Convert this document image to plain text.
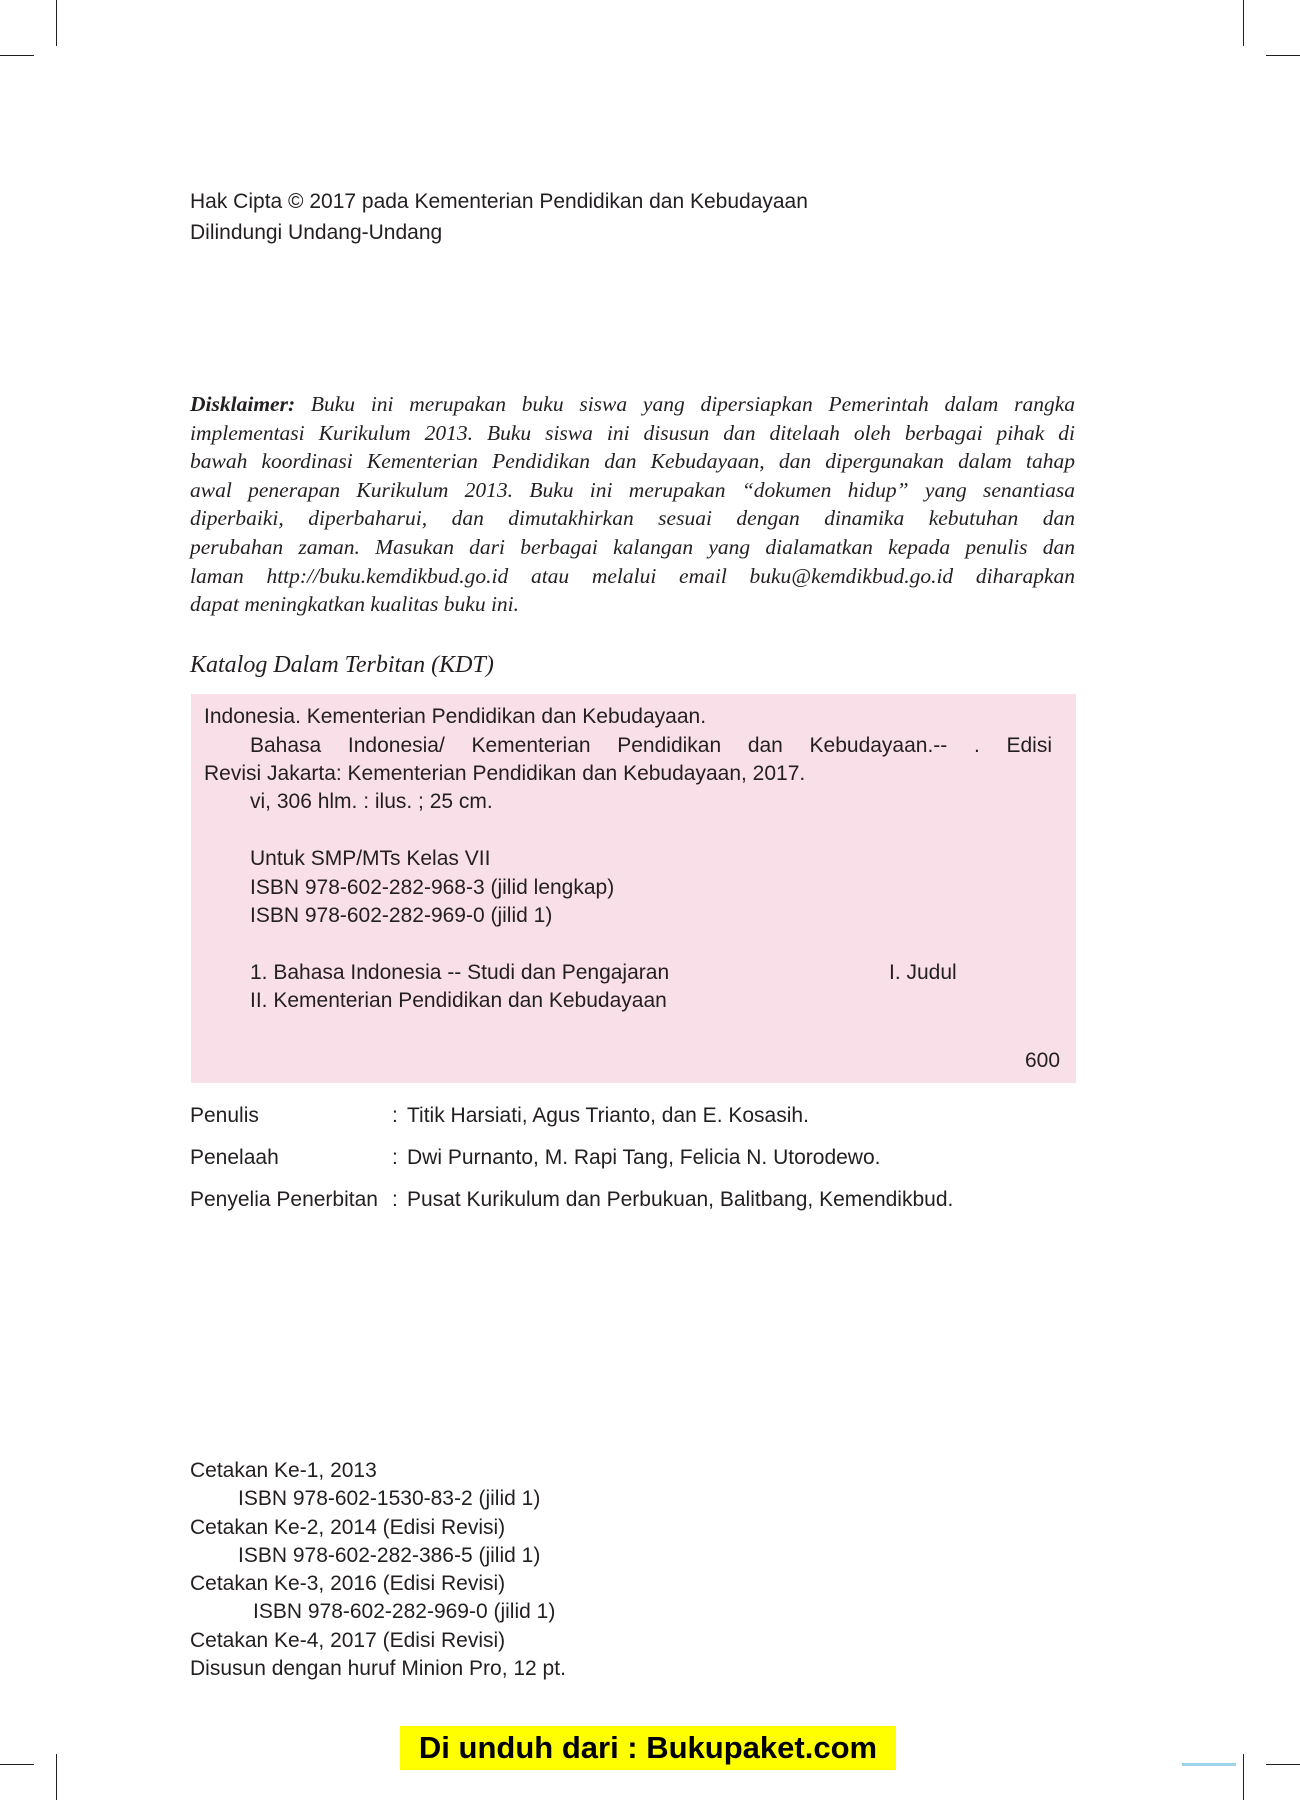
Hak Cipta © 2017 pada Kementerian Pendidikan dan Kebudayaan
Dilindungi Undang-Undang
Disklaimer: Buku ini merupakan buku siswa yang dipersiapkan Pemerintah dalam rangka
implementasi Kurikulum 2013. Buku siswa ini disusun dan ditelaah oleh berbagai pihak di
bawah koordinasi Kementerian Pendidikan dan Kebudayaan, dan dipergunakan dalam tahap
awal penerapan Kurikulum 2013. Buku ini merupakan “dokumen hidup” yang senantiasa
diperbaiki, diperbaharui, dan dimutakhirkan sesuai dengan dinamika kebutuhan dan
perubahan zaman. Masukan dari berbagai kalangan yang dialamatkan kepada penulis dan
laman http://buku.kemdikbud.go.id atau melalui email buku@kemdikbud.go.id diharapkan
dapat meningkatkan kualitas buku ini.
Katalog Dalam Terbitan (KDT)
Indonesia. Kementerian Pendidikan dan Kebudayaan.
Bahasa Indonesia/ Kementerian Pendidikan dan Kebudayaan.-- . Edisi
Revisi Jakarta: Kementerian Pendidikan dan Kebudayaan, 2017.
vi, 306 hlm. : ilus. ; 25 cm.
Untuk SMP/MTs Kelas VII
ISBN 978-602-282-968-3 (jilid lengkap)
ISBN 978-602-282-969-0 (jilid 1)
1. Bahasa Indonesia -- Studi dan Pengajaran	I. Judul
II. Kementerian Pendidikan dan Kebudayaan
600
Penulis	: Titik Harsiati, Agus Trianto, dan E. Kosasih.
Penelaah	: Dwi Purnanto, M. Rapi Tang, Felicia N. Utorodewo.
Penyelia Penerbitan : Pusat Kurikulum dan Perbukuan, Balitbang, Kemendikbud.
Cetakan Ke-1, 2013
ISBN 978-602-1530-83-2 (jilid 1)
Cetakan Ke-2, 2014 (Edisi Revisi)
ISBN 978-602-282-386-5 (jilid 1)
Cetakan Ke-3, 2016 (Edisi Revisi)
ISBN 978-602-282-969-0 (jilid 1)
Cetakan Ke-4, 2017 (Edisi Revisi)
Disusun dengan huruf Minion Pro, 12 pt.
Di unduh dari : Bukupaket.com
